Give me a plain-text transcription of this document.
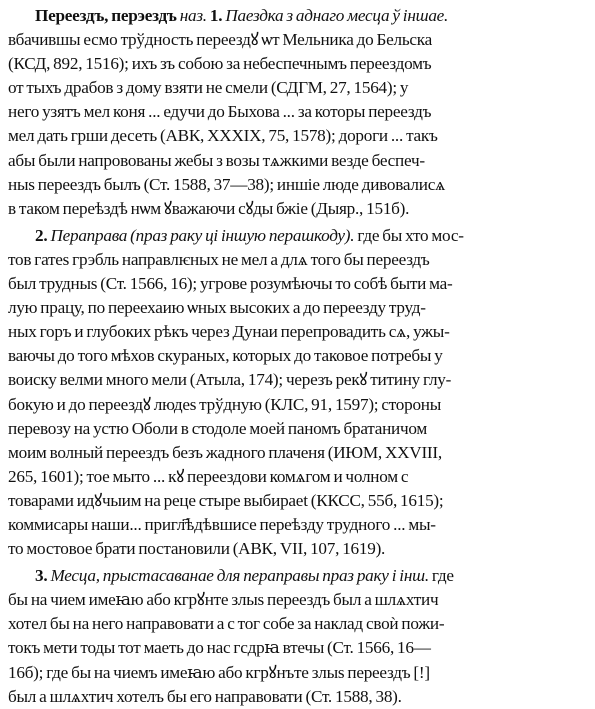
Переездъ, перэездъ наз. 1. Паездка з аднаго месца ў іншае.
вбачившы есмо трўдность переездꙋ ѡт Мельника до Бельска
(КСД, 892, 1516); ихъ зъ собою за небеспечнымъ переездомъ
от тыхъ драбов з дому взяти не смели (СДГМ, 27, 1564); у
него узятъ мел коня ... едучи до Быхова ... за которы переездъ
мел дать грши десеть (АВК, XXXIX, 75, 1578); дороги ... такъ
абы были напровованы жебы з возы тѧжкими везде беспеч-
ныs переездъ былъ (Ст. 1588, 37—38); иншіе люде дивовалисѧ
в таком перeѣздѣ нѡм ꙋважаючи сꙋды бжіе (Дыяр., 151б).
2. Пераправа (праз раку ці іншую перашкоду). где бы хто мос-
тов гатеs грэбль направлѥных не мел а длѧ того бы переездъ
был трудныs (Ст. 1566, 16); угрове розумѣючы то собѣ быти ма-
лую працу, по переехаию ѡных высоких а до переезду труд-
ных горъ и глубоких рѣкъ через Дунаи перепровадить сѧ, ужы-
ваючы до того мѣхов скураных, которых до таковое потребы у
воиску велми много мели (Атыла, 174); черезъ рекꙋ титину глу-
бокую и до переездꙋ людеs трўдную (КЛС, 91, 1597); стороны
перевозу на устю Оболи в стодоле моей паномъ братаничом
моим волный переездъ безъ жадного плаченя (ИЮМ, XXVIII,
265, 1601); тое мыто ... кꙋ переездови комѧгом и чолном с
товарами идꙋчыим на реце стыре выбираеt (ККСС, 55б, 1615);
коммисары наши... пригл҃ѣдѣвшисе перeѣзду трудного ... мы-
то мостовое брати постановили (АВК, VII, 107, 1619).
3. Месца, прыстасаванае для пераправы праз раку і інш. где
бы на чием имеꙗю або кгрꙋнте злыs переездъ был а шлѧхтич
хотел бы на него направовати а с тог собе за наклад своѝ пожи-
токъ мети тоды тот маеть до нас гсдрꙗ втечы (Ст. 1566, 16—
16б); где бы на чиемъ имеꙗю або кгрꙋнъте злыs переездъ [!]
был а шлѧхтич хотелъ бы его направовати (Ст. 1588, 38).
